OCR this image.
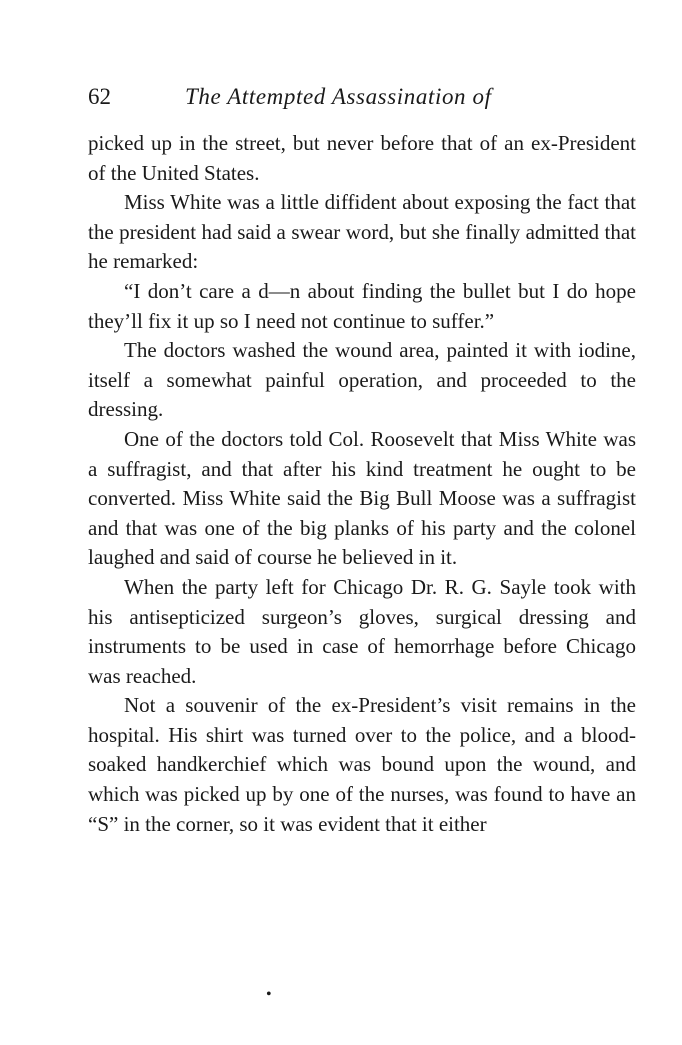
62	The Attempted Assassination of

picked up in the street, but never before that of an ex-President of the United States.

Miss White was a little diffident about exposing the fact that the president had said a swear word, but she finally admitted that he remarked:

“I don’t care a d—n about finding the bullet but I do hope they’ll fix it up so I need not continue to suffer.”

The doctors washed the wound area, painted it with iodine, itself a somewhat painful operation, and proceeded to the dressing.

One of the doctors told Col. Roosevelt that Miss White was a suffragist, and that after his kind treatment he ought to be converted. Miss White said the Big Bull Moose was a suffragist and that was one of the big planks of his party and the colonel laughed and said of course he believed in it.

When the party left for Chicago Dr. R. G. Sayle took with his antisepticized surgeon’s gloves, surgical dressing and instruments to be used in case of hemorrhage before Chicago was reached.

Not a souvenir of the ex-President’s visit remains in the hospital. His shirt was turned over to the police, and a blood-soaked handkerchief which was bound upon the wound, and which was picked up by one of the nurses, was found to have an “S” in the corner, so it was evident that it either

•
